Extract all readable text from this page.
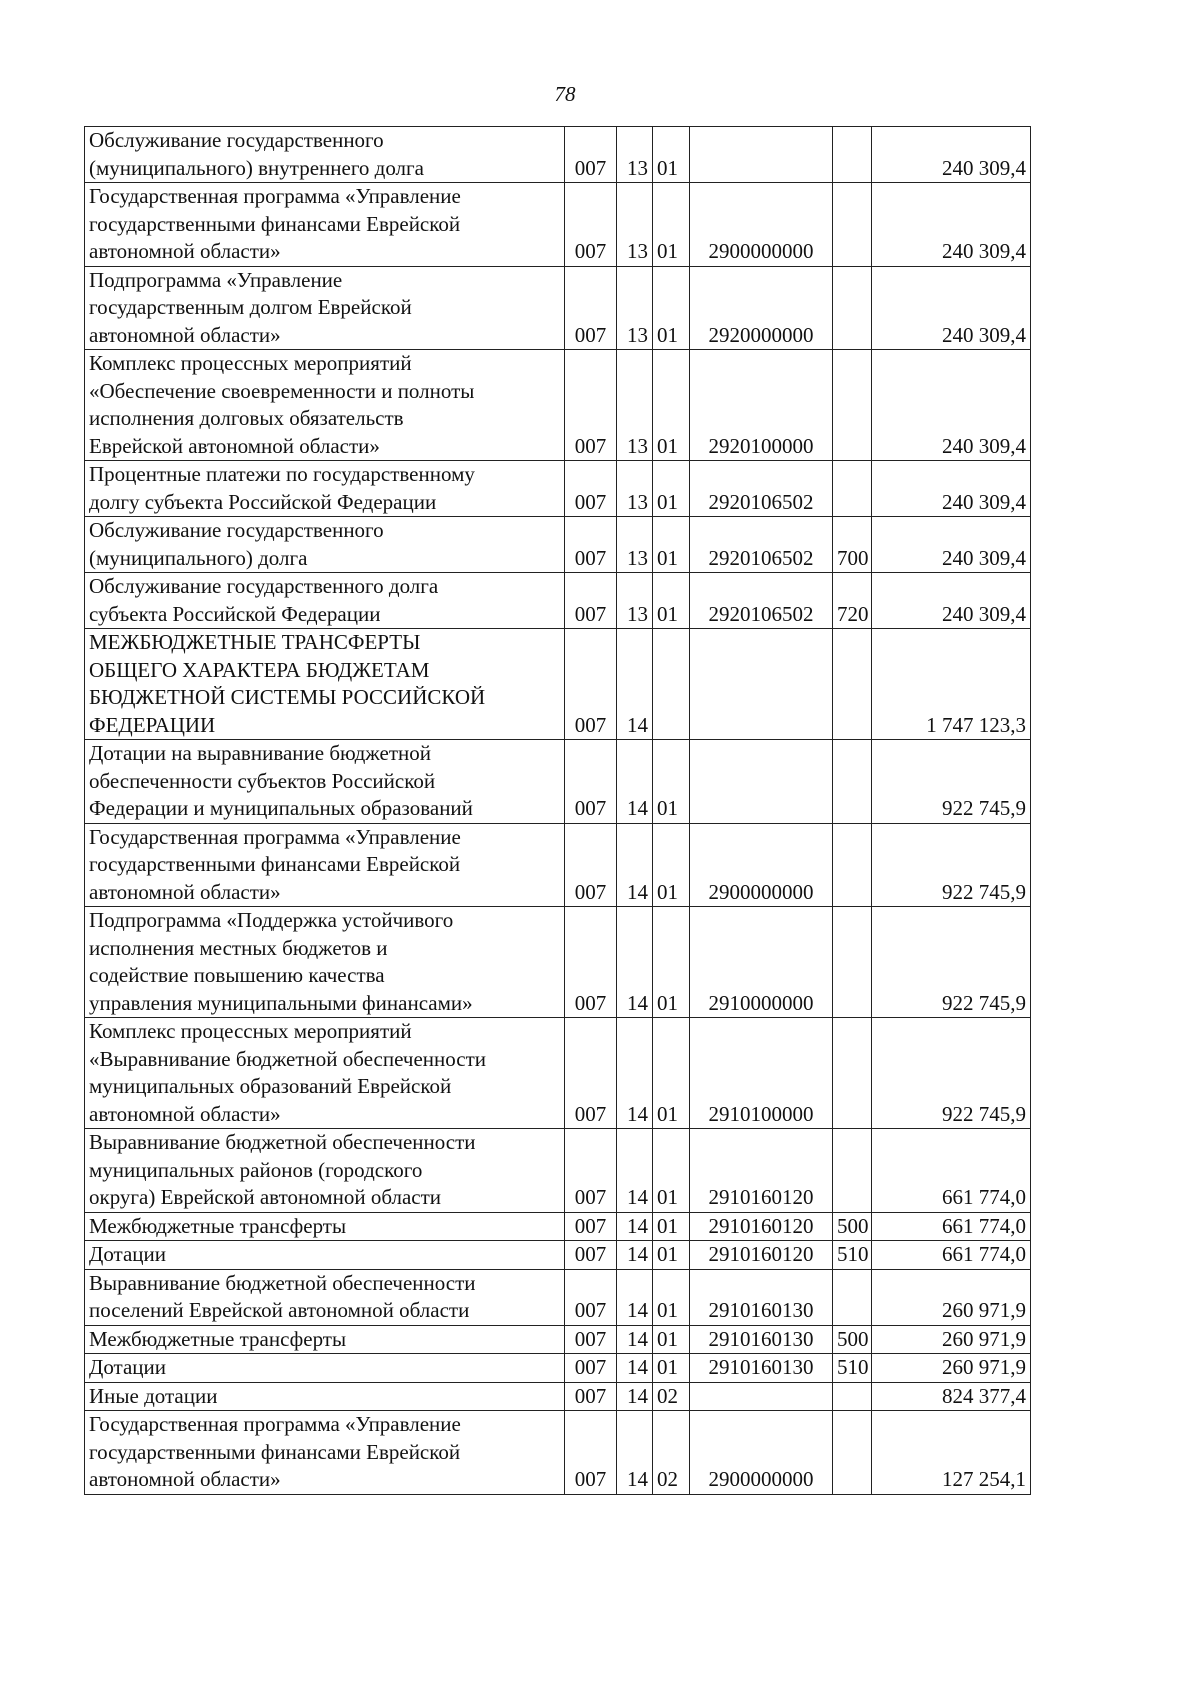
78
Обслуживание государственного
(муниципального) внутреннего долга	007	13	01			240 309,4

Государственная программа «Управление
государственными финансами Еврейской
автономной области»	007	13	01	2900000000		240 309,4

Подпрограмма «Управление
государственным долгом Еврейской
автономной области»	007	13	01	2920000000		240 309,4

Комплекс процессных мероприятий
«Обеспечение своевременности и полноты
исполнения долговых обязательств
Еврейской автономной области»	007	13	01	2920100000		240 309,4

Процентные платежи по государственному
долгу субъекта Российской Федерации	007	13	01	2920106502		240 309,4

Обслуживание государственного
(муниципального) долга	007	13	01	2920106502	700	240 309,4

Обслуживание государственного долга
субъекта Российской Федерации	007	13	01	2920106502	720	240 309,4

МЕЖБЮДЖЕТНЫЕ ТРАНСФЕРТЫ
ОБЩЕГО ХАРАКТЕРА БЮДЖЕТАМ
БЮДЖЕТНОЙ СИСТЕМЫ РОССИЙСКОЙ
ФЕДЕРАЦИИ	007	14				1 747 123,3

Дотации на выравнивание бюджетной
обеспеченности субъектов Российской
Федерации и муниципальных образований	007	14	01			922 745,9

Государственная программа «Управление
государственными финансами Еврейской
автономной области»	007	14	01	2900000000		922 745,9

Подпрограмма «Поддержка устойчивого
исполнения местных бюджетов и
содействие повышению качества
управления муниципальными финансами»	007	14	01	2910000000		922 745,9

Комплекс процессных мероприятий
«Выравнивание бюджетной обеспеченности
муниципальных образований Еврейской
автономной области»	007	14	01	2910100000		922 745,9

Выравнивание бюджетной обеспеченности
муниципальных районов (городского
округа) Еврейской автономной области	007	14	01	2910160120		661 774,0

Межбюджетные трансферты	007	14	01	2910160120	500	661 774,0

Дотации	007	14	01	2910160120	510	661 774,0

Выравнивание бюджетной обеспеченности
поселений Еврейской автономной области	007	14	01	2910160130		260 971,9

Межбюджетные трансферты	007	14	01	2910160130	500	260 971,9

Дотации	007	14	01	2910160130	510	260 971,9

Иные дотации	007	14	02			824 377,4

Государственная программа «Управление
государственными финансами Еврейской
автономной области»	007	14	02	2900000000		127 254,1
